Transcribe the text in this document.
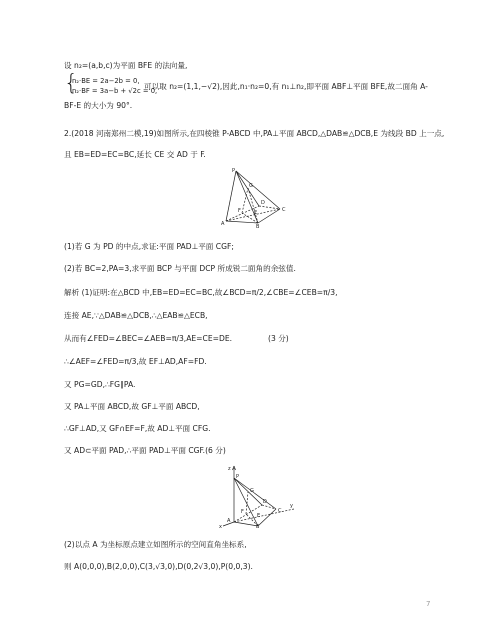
设 n₂=(a,b,c)为平面 BFE 的法向量,
{
n₂·BE = 2a−2b = 0,
n₂·BF = 3a−b + √2c = 0,
可以取 n₂=(1,1,−√2),因此,n₁·n₂=0,有 n₁⊥n₂,即平面 ABF⊥平面 BFE,故二面角 A-
BF-E 的大小为 90°.
2.(2018 河南郑州二模,19)如图所示,在四棱锥 P-ABCD 中,PA⊥平面 ABCD,△DAB≌△DCB,E 为线段 BD 上一点,
且 EB=ED=EC=BC,延长 CE 交 AD 于 F.
P
G
D
F
A
E
B
C
(1)若 G 为 PD 的中点,求证:平面 PAD⊥平面 CGF;
(2)若 BC=2,PA=3,求平面 BCP 与平面 DCP 所成锐二面角的余弦值.
解析 (1)证明:在△BCD 中,EB=ED=EC=BC,故∠BCD=π/2,∠CBE=∠CEB=π/3,
连接 AE,∵△DAB≌△DCB,∴△EAB≌△ECB,
从而有∠FED=∠BEC=∠AEB=π/3,AE=CE=DE.	(3 分)
∴∠AEF=∠FED=π/3,故 EF⊥AD,AF=FD.
又 PG=GD,∴FG∥PA.
又 PA⊥平面 ABCD,故 GF⊥平面 ABCD,
∴GF⊥AD,又 GF∩EF=F,故 AD⊥平面 CFG.
又 AD⊂平面 PAD,∴平面 PAD⊥平面 CGF.(6 分)
z
P
G
D
F
A
E
B
C
x
y
(2)以点 A 为坐标原点建立如图所示的空间直角坐标系,
则 A(0,0,0),B(2,0,0),C(3,√3,0),D(0,2√3,0),P(0,0,3).
7
